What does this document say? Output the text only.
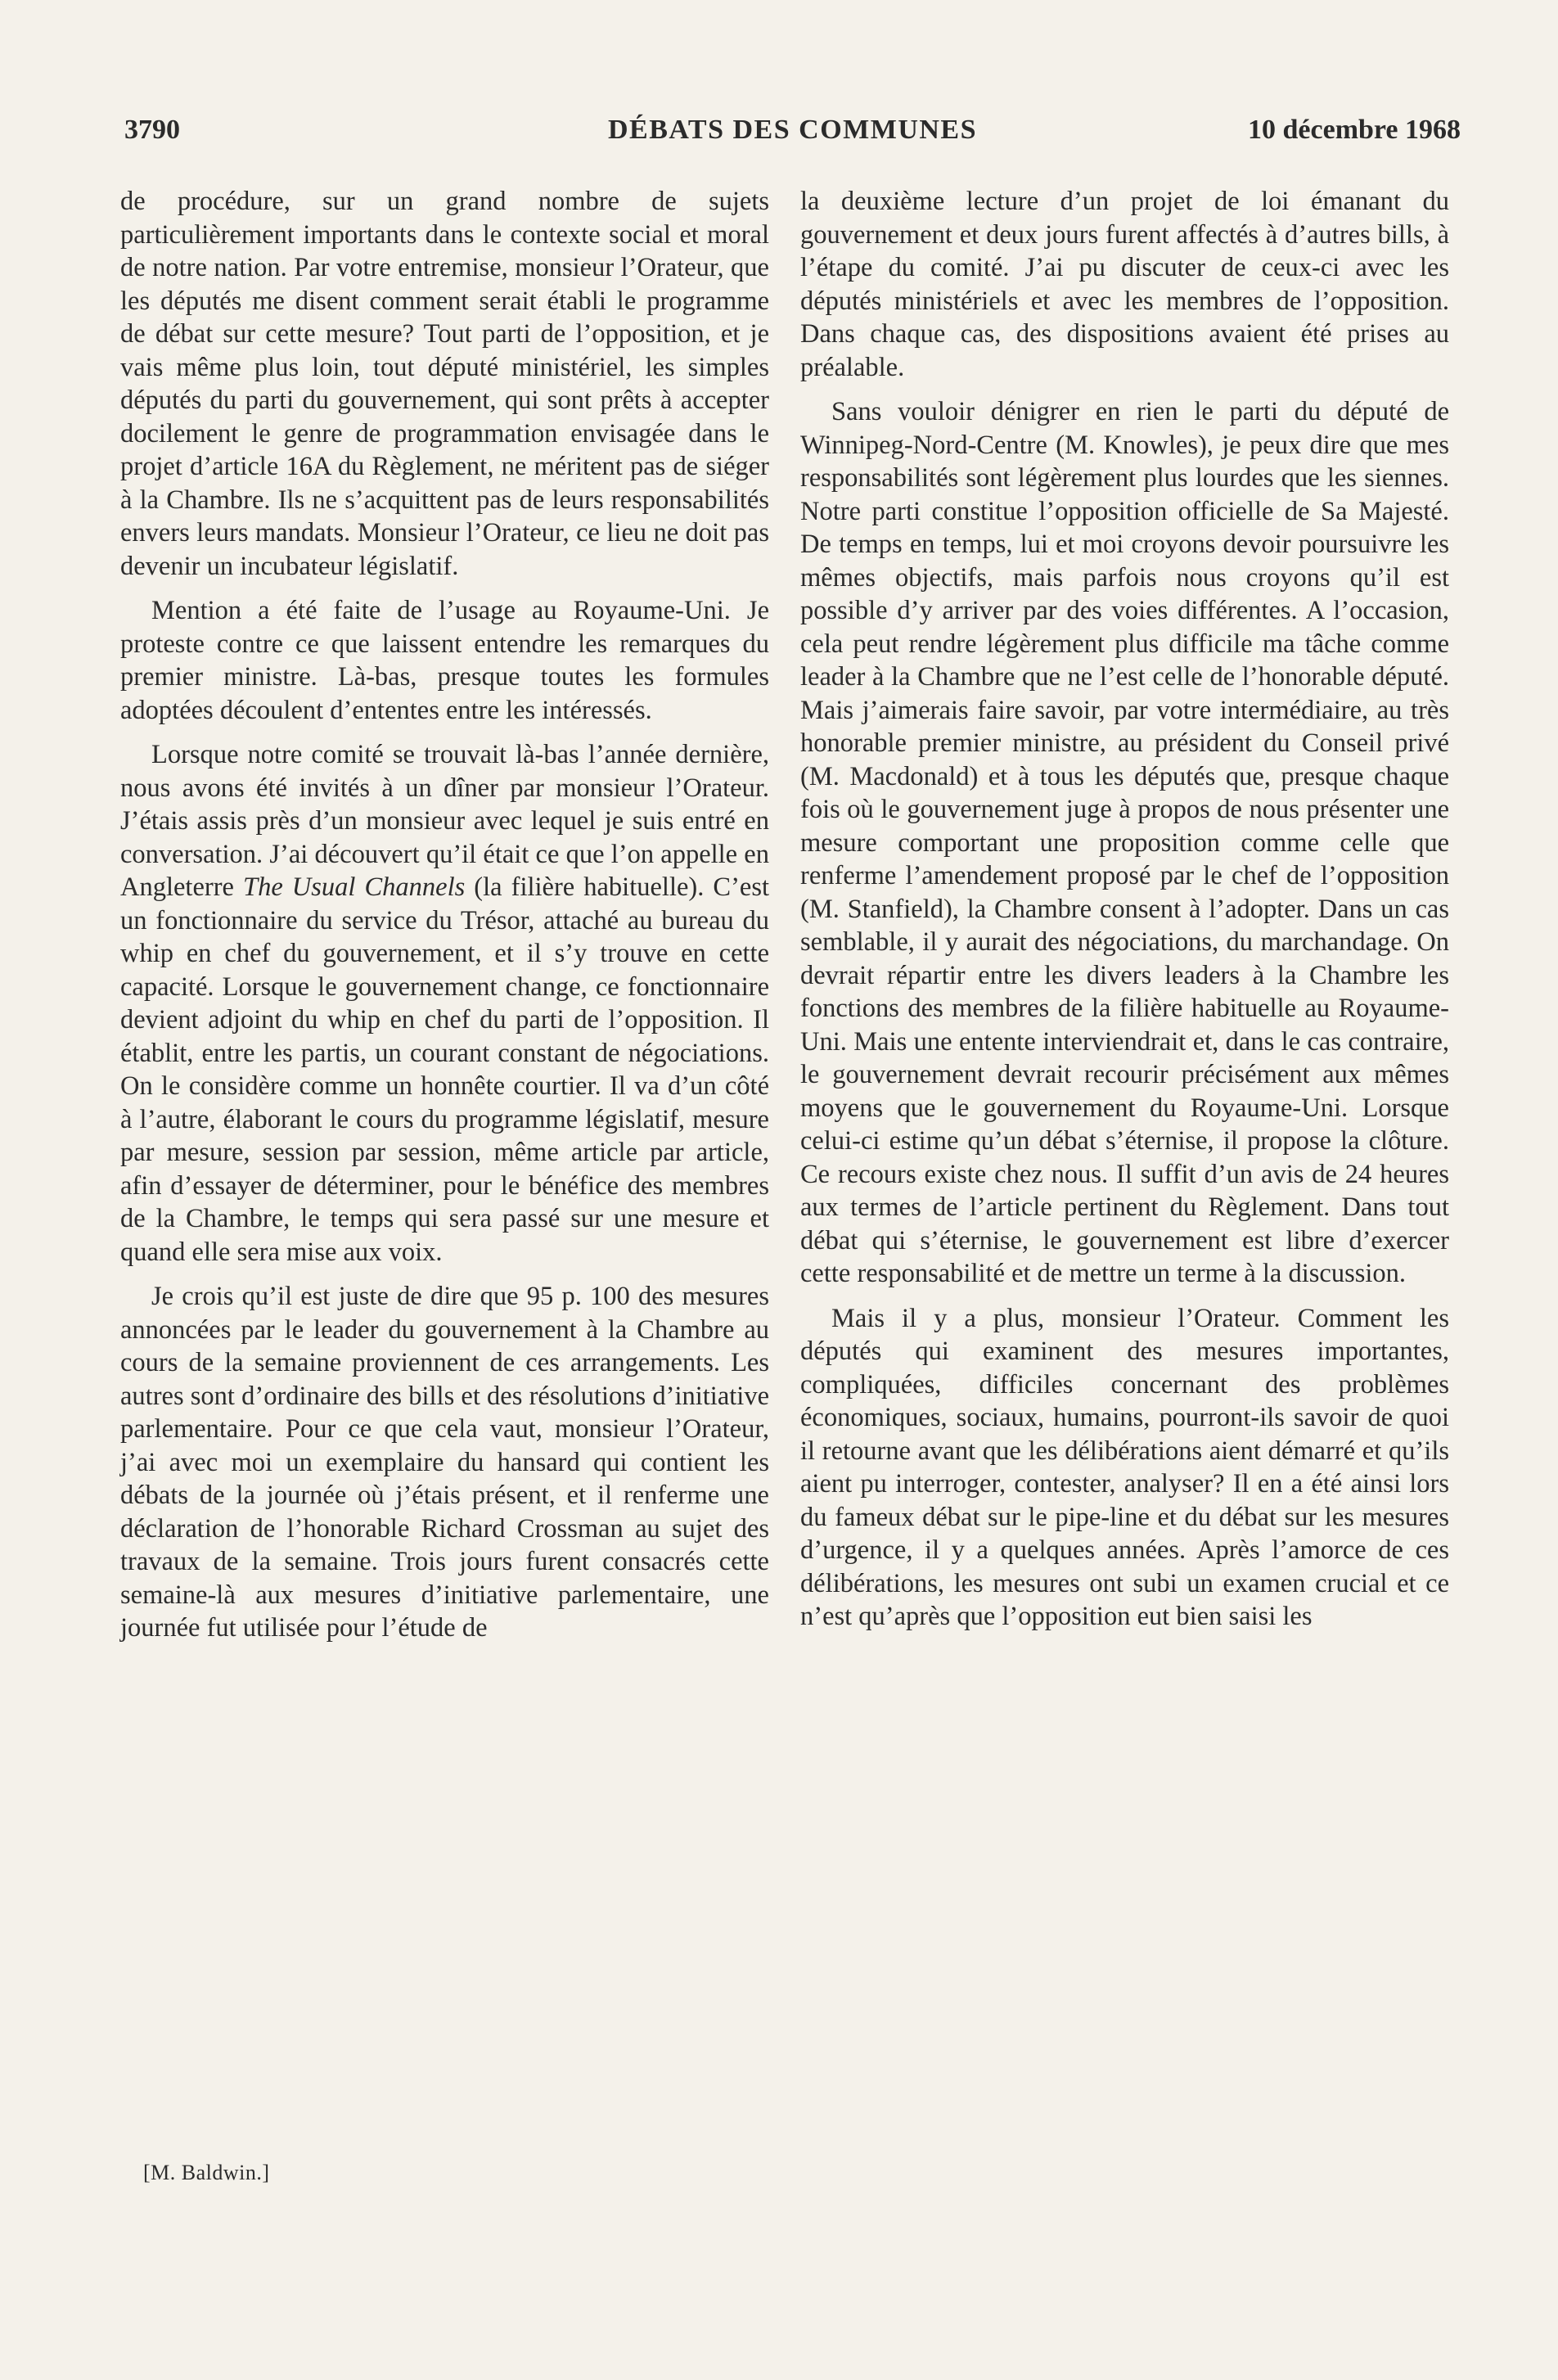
3790	DÉBATS DES COMMUNES	10 décembre 1968

de procédure, sur un grand nombre de sujets particulièrement importants dans le contexte social et moral de notre nation. Par votre entremise, monsieur l’Orateur, que les députés me disent comment serait établi le programme de débat sur cette mesure? Tout parti de l’opposition, et je vais même plus loin, tout député ministériel, les simples députés du parti du gouvernement, qui sont prêts à accepter docilement le genre de programmation envisagée dans le projet d’article 16A du Règlement, ne méritent pas de siéger à la Chambre. Ils ne s’acquittent pas de leurs responsabilités envers leurs mandats. Monsieur l’Orateur, ce lieu ne doit pas devenir un incubateur législatif.

Mention a été faite de l’usage au Royaume-Uni. Je proteste contre ce que laissent entendre les remarques du premier ministre. Là-bas, presque toutes les formules adoptées découlent d’ententes entre les intéressés.

Lorsque notre comité se trouvait là-bas l’année dernière, nous avons été invités à un dîner par monsieur l’Orateur. J’étais assis près d’un monsieur avec lequel je suis entré en conversation. J’ai découvert qu’il était ce que l’on appelle en Angleterre The Usual Channels (la filière habituelle). C’est un fonctionnaire du service du Trésor, attaché au bureau du whip en chef du gouvernement, et il s’y trouve en cette capacité. Lorsque le gouvernement change, ce fonctionnaire devient adjoint du whip en chef du parti de l’opposition. Il établit, entre les partis, un courant constant de négociations. On le considère comme un honnête courtier. Il va d’un côté à l’autre, élaborant le cours du programme législatif, mesure par mesure, session par session, même article par article, afin d’essayer de déterminer, pour le bénéfice des membres de la Chambre, le temps qui sera passé sur une mesure et quand elle sera mise aux voix.

Je crois qu’il est juste de dire que 95 p. 100 des mesures annoncées par le leader du gouvernement à la Chambre au cours de la semaine proviennent de ces arrangements. Les autres sont d’ordinaire des bills et des résolutions d’initiative parlementaire. Pour ce que cela vaut, monsieur l’Orateur, j’ai avec moi un exemplaire du hansard qui contient les débats de la journée où j’étais présent, et il renferme une déclaration de l’honorable Richard Crossman au sujet des travaux de la semaine. Trois jours furent consacrés cette semaine-là aux mesures d’initiative parlementaire, une journée fut utilisée pour l’étude de

la deuxième lecture d’un projet de loi émanant du gouvernement et deux jours furent affectés à d’autres bills, à l’étape du comité. J’ai pu discuter de ceux-ci avec les députés ministériels et avec les membres de l’opposition. Dans chaque cas, des dispositions avaient été prises au préalable.

Sans vouloir dénigrer en rien le parti du député de Winnipeg-Nord-Centre (M. Knowles), je peux dire que mes responsabilités sont légèrement plus lourdes que les siennes. Notre parti constitue l’opposition officielle de Sa Majesté. De temps en temps, lui et moi croyons devoir poursuivre les mêmes objectifs, mais parfois nous croyons qu’il est possible d’y arriver par des voies différentes. A l’occasion, cela peut rendre légèrement plus difficile ma tâche comme leader à la Chambre que ne l’est celle de l’honorable député. Mais j’aimerais faire savoir, par votre intermédiaire, au très honorable premier ministre, au président du Conseil privé (M. Macdonald) et à tous les députés que, presque chaque fois où le gouvernement juge à propos de nous présenter une mesure comportant une proposition comme celle que renferme l’amendement proposé par le chef de l’opposition (M. Stanfield), la Chambre consent à l’adopter. Dans un cas semblable, il y aurait des négociations, du marchandage. On devrait répartir entre les divers leaders à la Chambre les fonctions des membres de la filière habituelle au Royaume-Uni. Mais une entente interviendrait et, dans le cas contraire, le gouvernement devrait recourir précisément aux mêmes moyens que le gouvernement du Royaume-Uni. Lorsque celui-ci estime qu’un débat s’éternise, il propose la clôture. Ce recours existe chez nous. Il suffit d’un avis de 24 heures aux termes de l’article pertinent du Règlement. Dans tout débat qui s’éternise, le gouvernement est libre d’exercer cette responsabilité et de mettre un terme à la discussion.

Mais il y a plus, monsieur l’Orateur. Comment les députés qui examinent des mesures importantes, compliquées, difficiles concernant des problèmes économiques, sociaux, humains, pourront-ils savoir de quoi il retourne avant que les délibérations aient démarré et qu’ils aient pu interroger, contester, analyser? Il en a été ainsi lors du fameux débat sur le pipe-line et du débat sur les mesures d’urgence, il y a quelques années. Après l’amorce de ces délibérations, les mesures ont subi un examen crucial et ce n’est qu’après que l’opposition eut bien saisi les

[M. Baldwin.]
